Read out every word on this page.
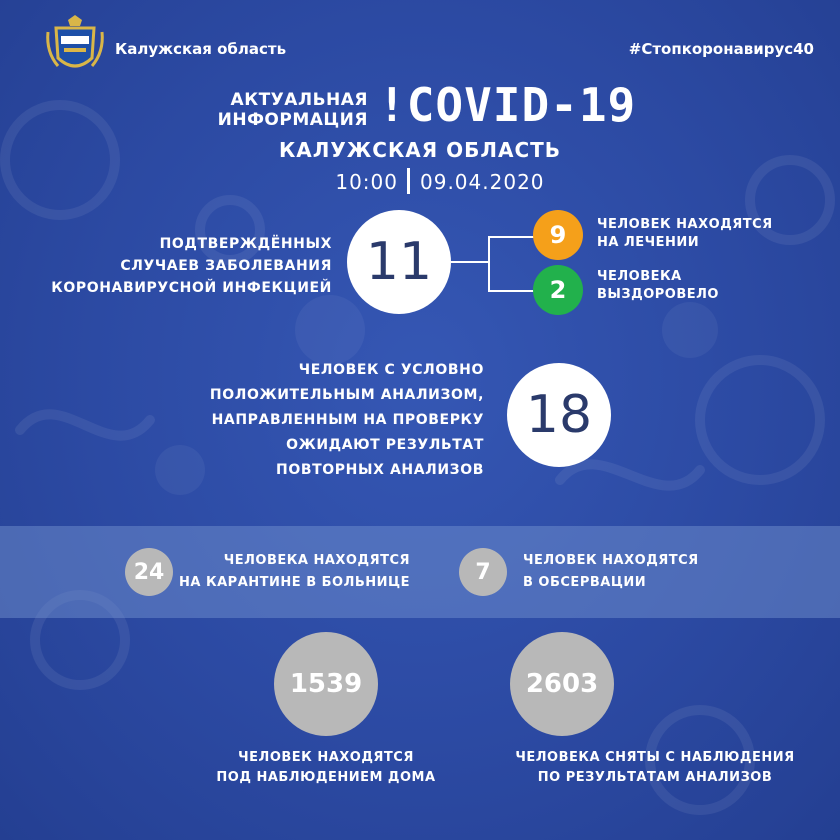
Калужская область	#Стопкоронавирус40
АКТУАЛЬНАЯ
ИНФОРМАЦИЯ !COVID-19
КАЛУЖСКАЯ ОБЛАСТЬ
10:00 09.04.2020
ПОДТВЕРЖДЁННЫХ
СЛУЧАЕВ ЗАБОЛЕВАНИЯ
КОРОНАВИРУСНОЙ ИНФЕКЦИЕЙ 11	9 ЧЕЛОВЕК НАХОДЯТСЯ
НА ЛЕЧЕНИИ
2 ЧЕЛОВЕКА
ВЫЗДОРОВЕЛО
ЧЕЛОВЕК С УСЛОВНО
ПОЛОЖИТЕЛЬНЫМ АНАЛИЗОМ,
НАПРАВЛЕННЫМ НА ПРОВЕРКУ
ОЖИДАЮТ РЕЗУЛЬТАТ
ПОВТОРНЫХ АНАЛИЗОВ
18
24	ЧЕЛОВЕКА НАХОДЯТСЯ
НА КАРАНТИНЕ В БОЛЬНИЦЕ	7 ЧЕЛОВЕК НАХОДЯТСЯ
В ОБСЕРВАЦИИ
1539
ЧЕЛОВЕК НАХОДЯТСЯ
ПОД НАБЛЮДЕНИЕМ ДОМА
2603
ЧЕЛОВЕКА СНЯТЫ С НАБЛЮДЕНИЯ
ПО РЕЗУЛЬТАТАМ АНАЛИЗОВ
